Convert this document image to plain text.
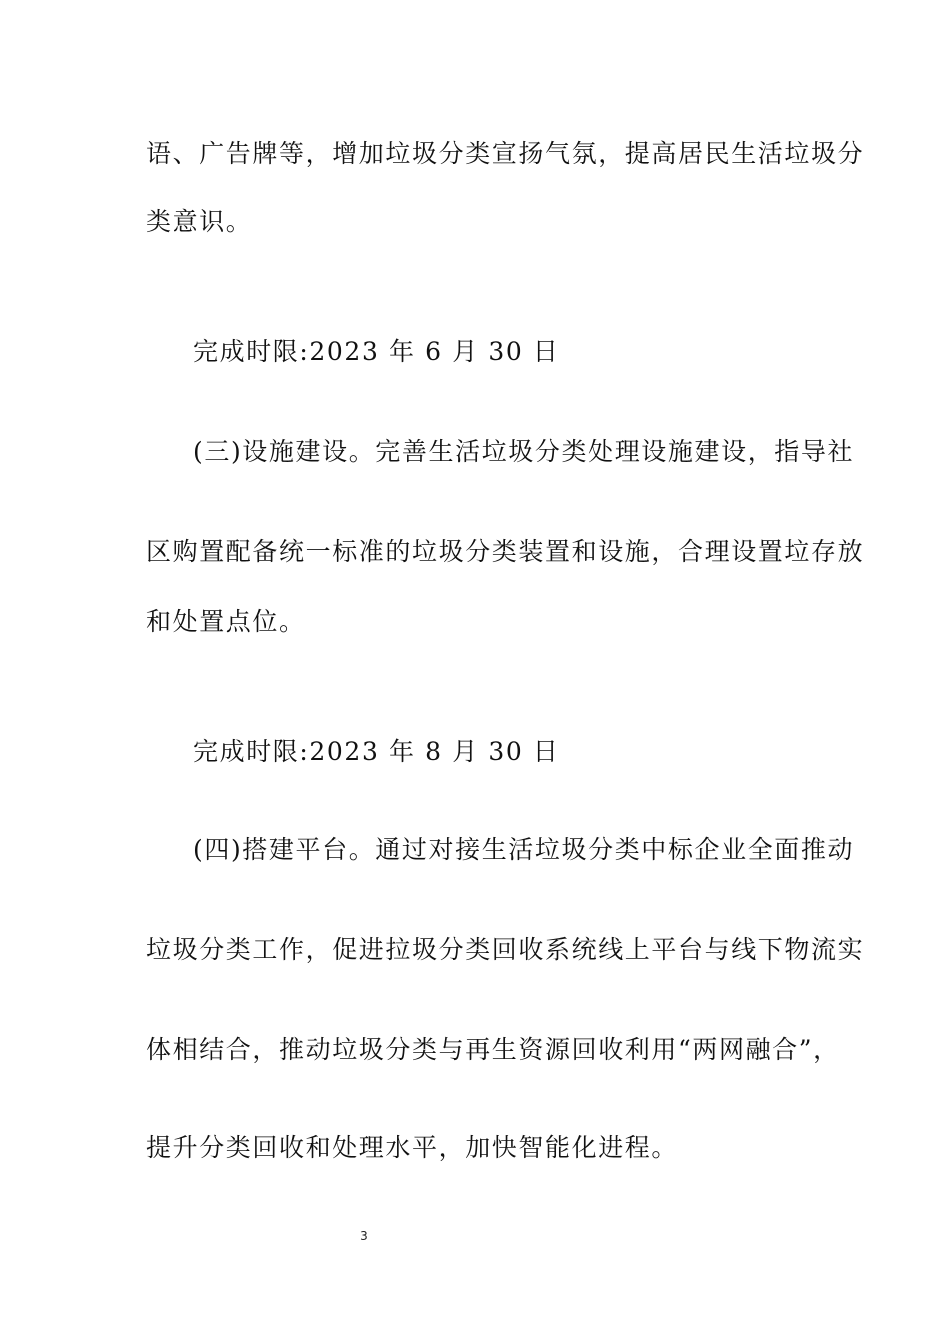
语、广告牌等，增加垃圾分类宣扬气氛，提高居民生活垃圾分
类意识。
完成时限:2023 年 6 月 30 日
(三)设施建设。完善生活垃圾分类处理设施建设，指导社
区购置配备统一标准的垃圾分类装置和设施，合理设置垃存放
和处置点位。
完成时限:2023 年 8 月 30 日
(四)搭建平台。通过对接生活垃圾分类中标企业全面推动
垃圾分类工作，促进拉圾分类回收系统线上平台与线下物流实
体相结合，推动垃圾分类与再生资源回收利用“两网融合”，
提升分类回收和处理水平，加快智能化进程。
3
